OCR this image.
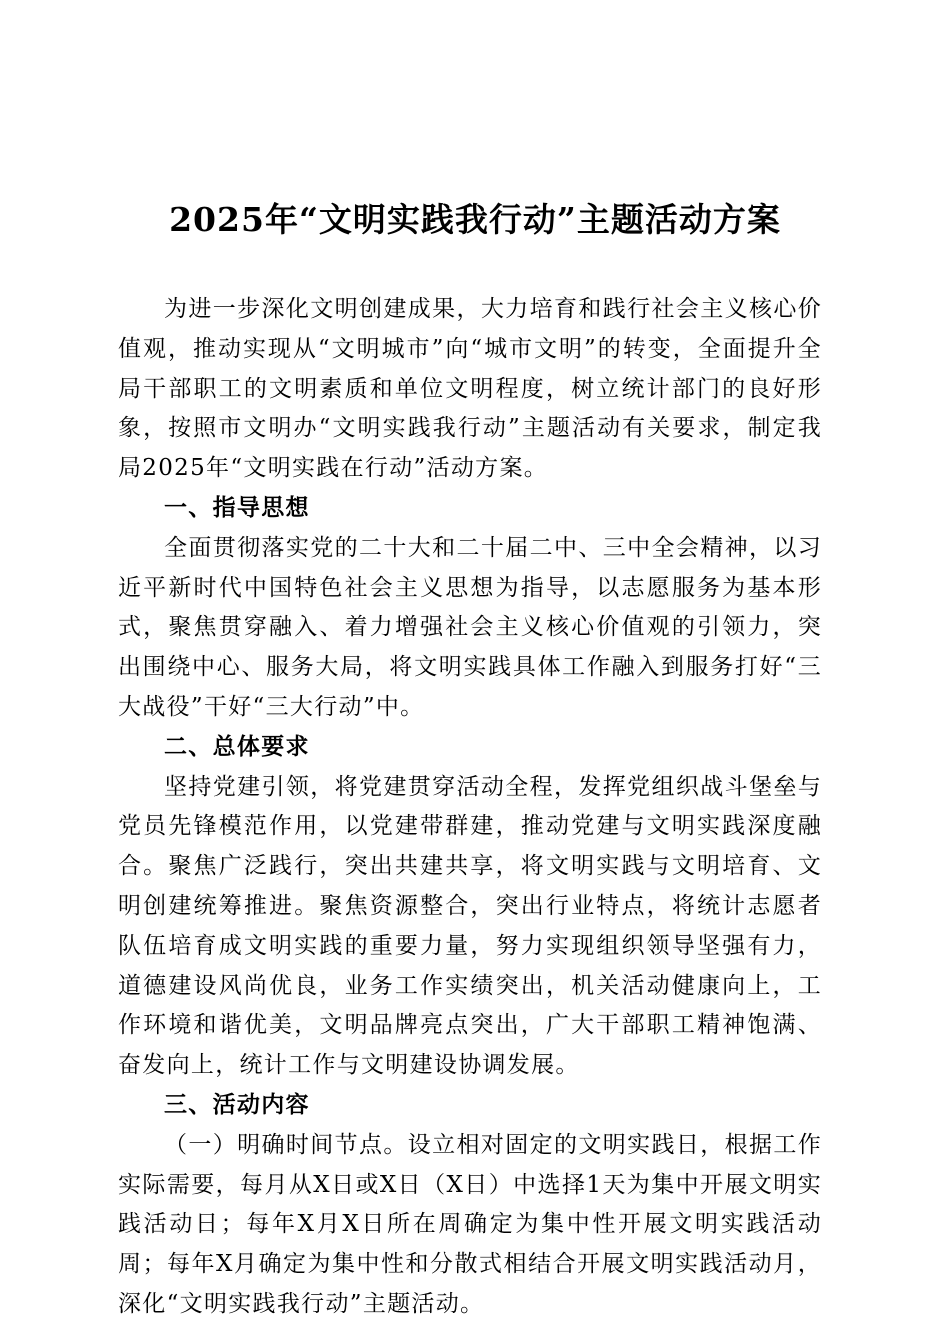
2025年“文明实践我行动”主题活动方案

为进一步深化文明创建成果，大力培育和践行社会主义核心价值观，推动实现从“文明城市”向“城市文明”的转变，全面提升全局干部职工的文明素质和单位文明程度，树立统计部门的良好形象，按照市文明办“文明实践我行动”主题活动有关要求，制定我局2025年“文明实践在行动”活动方案。

一、指导思想

全面贯彻落实党的二十大和二十届二中、三中全会精神，以习近平新时代中国特色社会主义思想为指导，以志愿服务为基本形式，聚焦贯穿融入、着力增强社会主义核心价值观的引领力，突出围绕中心、服务大局，将文明实践具体工作融入到服务打好“三大战役”干好“三大行动”中。

二、总体要求

坚持党建引领，将党建贯穿活动全程，发挥党组织战斗堡垒与党员先锋模范作用，以党建带群建，推动党建与文明实践深度融合。聚焦广泛践行，突出共建共享，将文明实践与文明培育、文明创建统筹推进。聚焦资源整合，突出行业特点，将统计志愿者队伍培育成文明实践的重要力量，努力实现组织领导坚强有力，道德建设风尚优良，业务工作实绩突出，机关活动健康向上，工作环境和谐优美，文明品牌亮点突出，广大干部职工精神饱满、奋发向上，统计工作与文明建设协调发展。

三、活动内容

（一）明确时间节点。设立相对固定的文明实践日，根据工作实际需要，每月从X日或X日（X日）中选择1天为集中开展文明实践活动日；每年X月X日所在周确定为集中性开展文明实践活动周；每年X月确定为集中性和分散式相结合开展文明实践活动月，深化“文明实践我行动”主题活动。
